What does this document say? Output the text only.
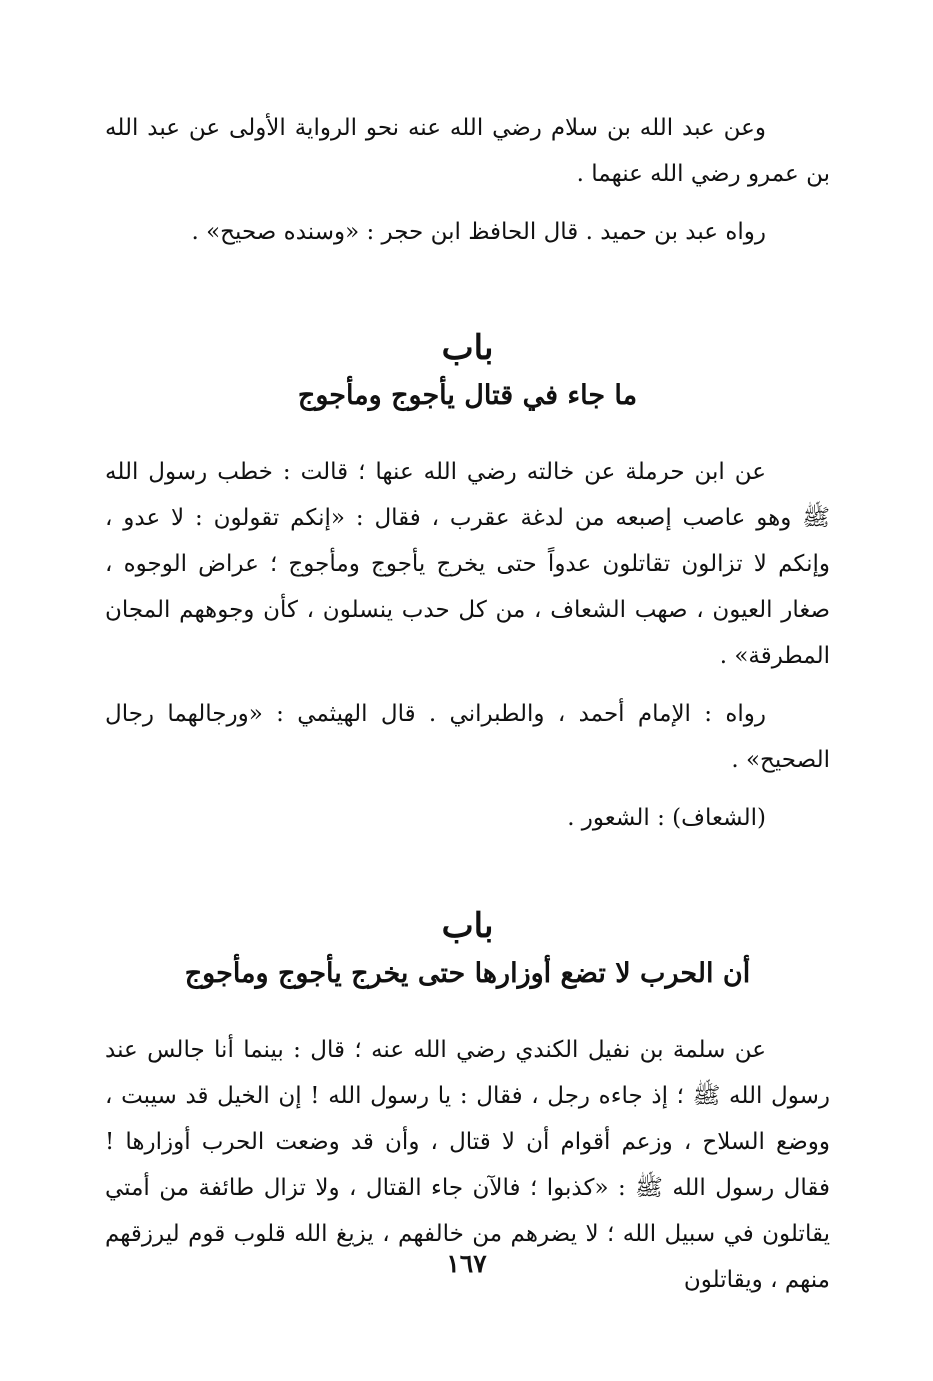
وعن عبد الله بن سلام رضي الله عنه نحو الرواية الأولى عن عبد الله بن عمرو رضي الله عنهما .

رواه عبد بن حميد . قال الحافظ ابن حجر : «وسنده صحيح» .

باب
ما جاء في قتال يأجوج ومأجوج

عن ابن حرملة عن خالته رضي الله عنها ؛ قالت : خطب رسول الله ﷺ وهو عاصب إصبعه من لدغة عقرب ، فقال : «إنكم تقولون : لا عدو ، وإنكم لا تزالون تقاتلون عدواً حتى يخرج يأجوج ومأجوج ؛ عراض الوجوه ، صغار العيون ، صهب الشعاف ، من كل حدب ينسلون ، كأن وجوههم المجان المطرقة» .

رواه : الإمام أحمد ، والطبراني . قال الهيثمي : «ورجالهما رجال الصحيح» .

(الشعاف) : الشعور .

باب
أن الحرب لا تضع أوزارها حتى يخرج يأجوج ومأجوج

عن سلمة بن نفيل الكندي رضي الله عنه ؛ قال : بينما أنا جالس عند رسول الله ﷺ ؛ إذ جاءه رجل ، فقال : يا رسول الله ! إن الخيل قد سيبت ، ووضع السلاح ، وزعم أقوام أن لا قتال ، وأن قد وضعت الحرب أوزارها ! فقال رسول الله ﷺ : «كذبوا ؛ فالآن جاء القتال ، ولا تزال طائفة من أمتي يقاتلون في سبيل الله ؛ لا يضرهم من خالفهم ، يزيغ الله قلوب قوم ليرزقهم منهم ، ويقاتلون

١٦٧
